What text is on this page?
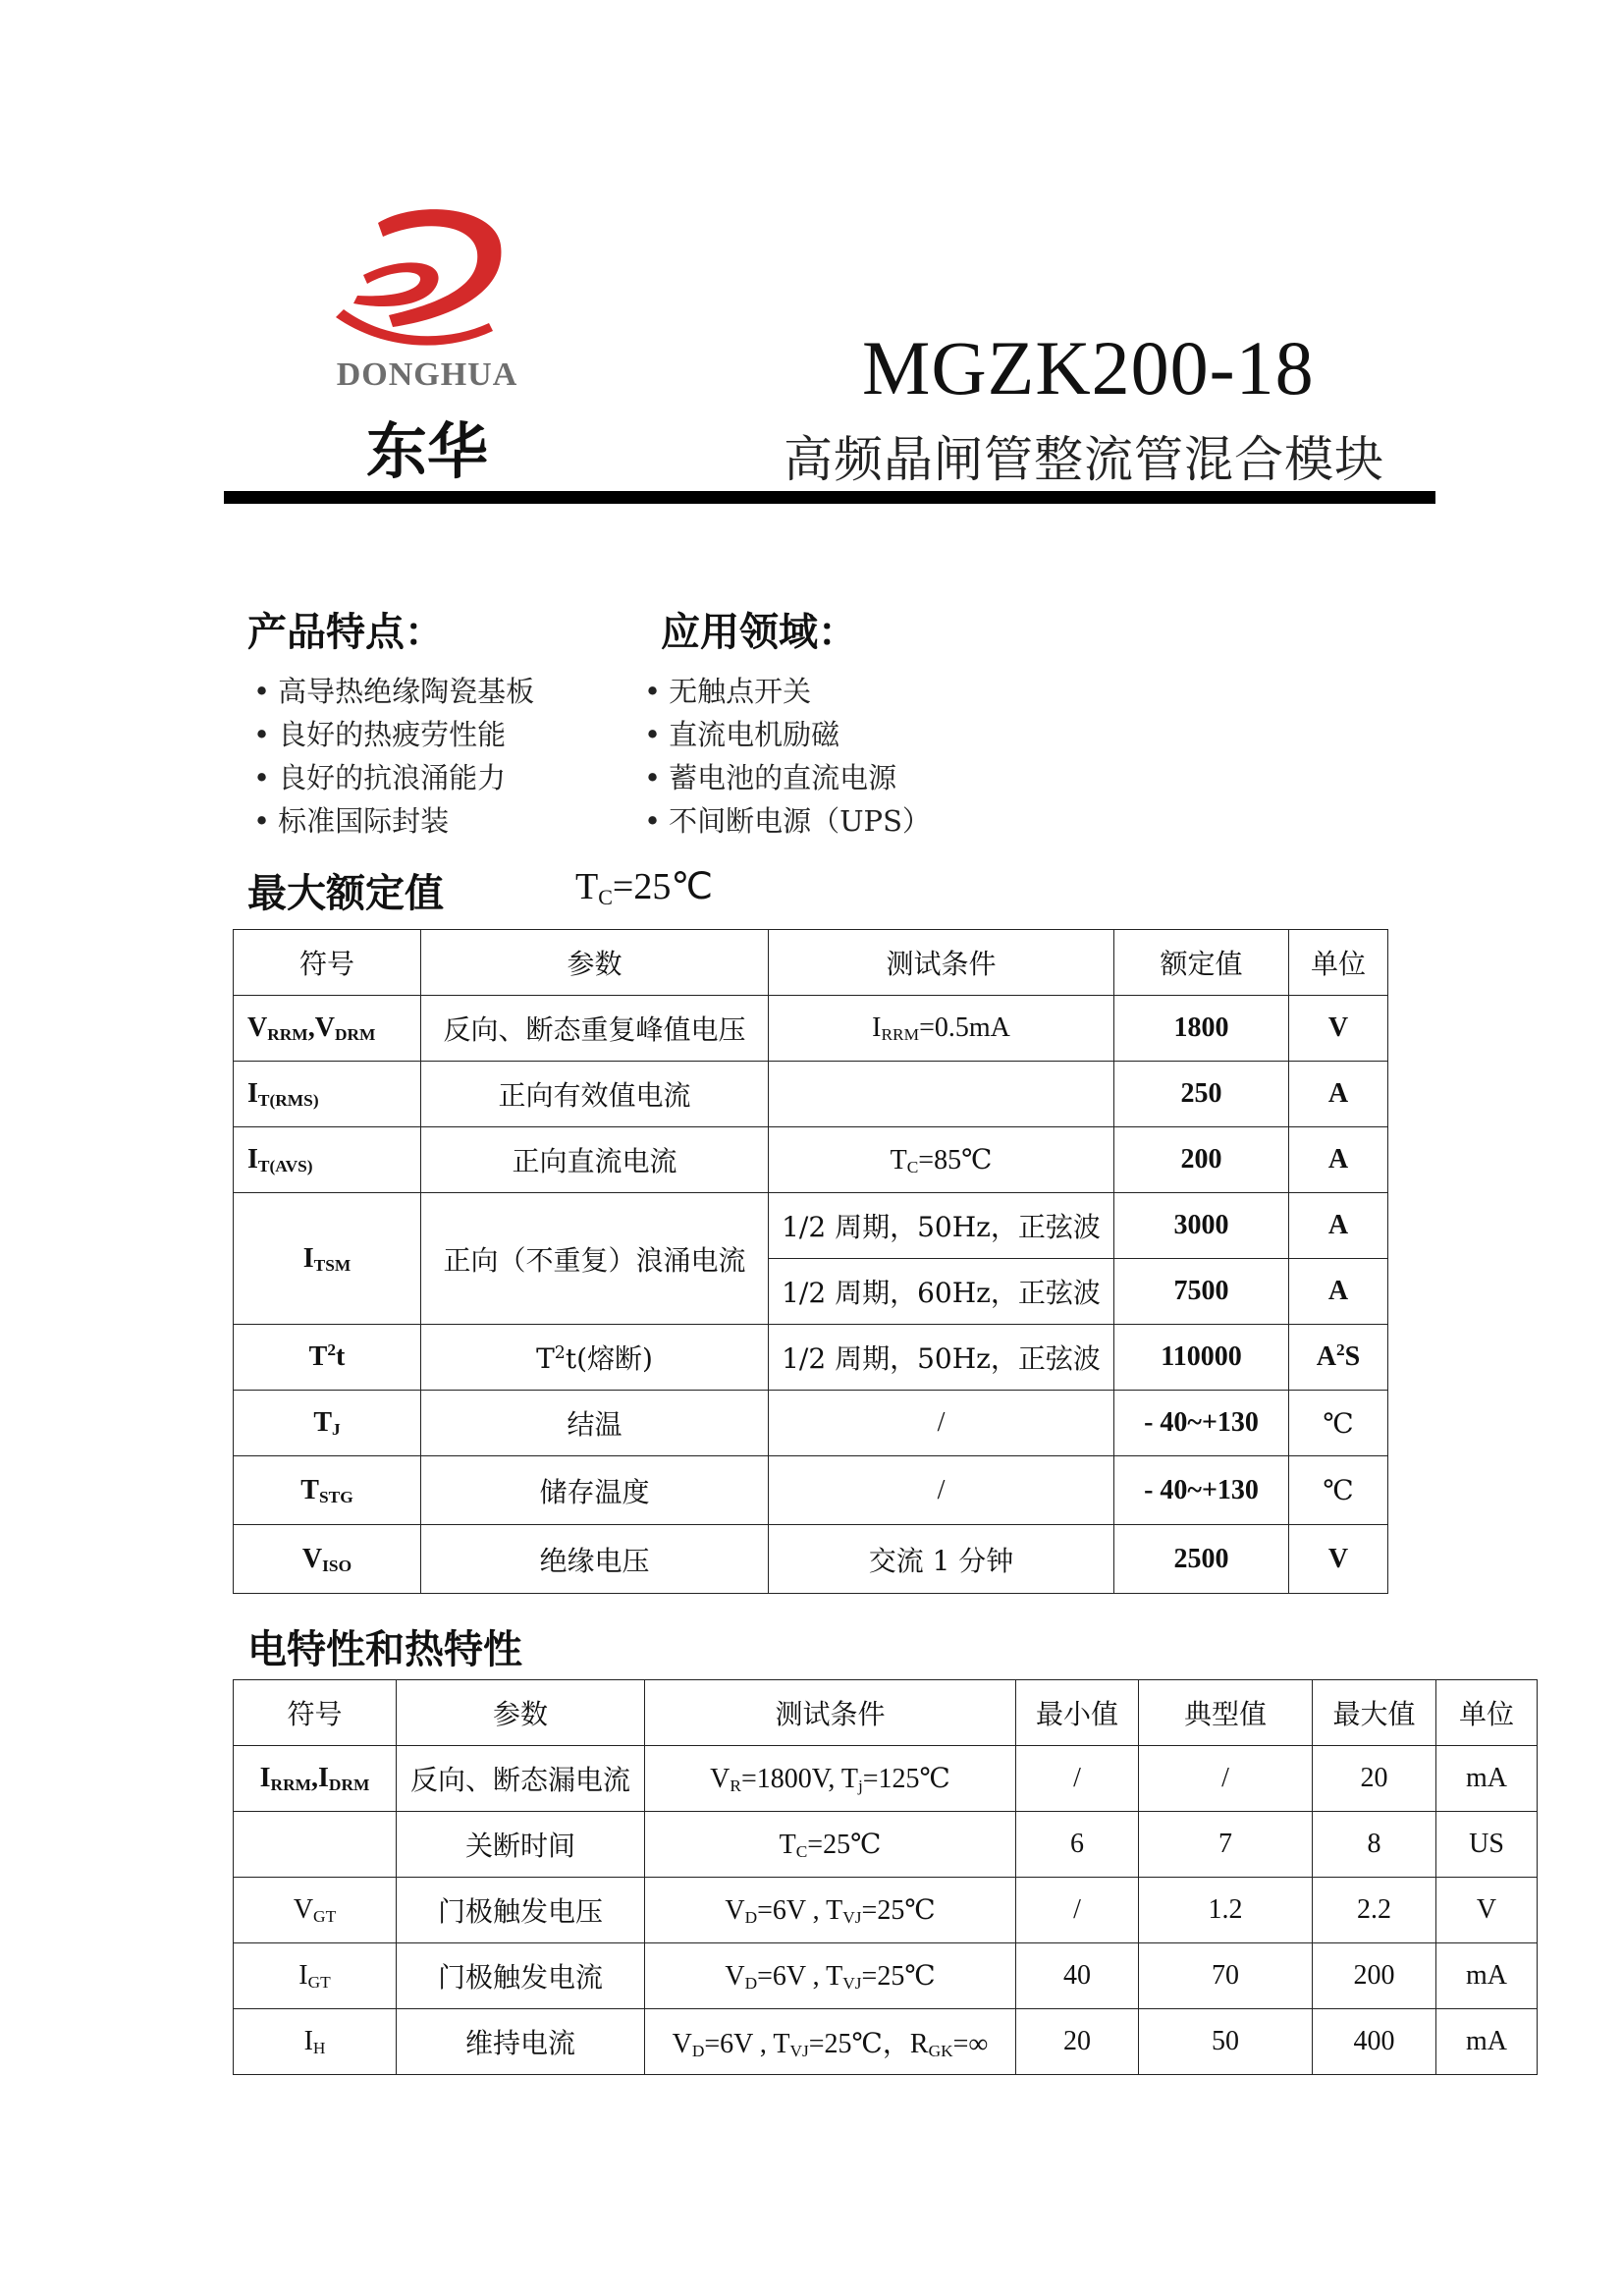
DONGHUA
东华
MGZK200-18
高频晶闸管整流管混合模块
产品特点：	应用领域：
• 高导热绝缘陶瓷基板
• 良好的热疲劳性能
• 良好的抗浪涌能力
• 标准国际封装
• 无触点开关
• 直流电机励磁
• 蓄电池的直流电源
• 不间断电源（UPS）
最大额定值	$T_C=25℃$
符号	参数	测试条件	额定值	单位
VRRM,VDRM	反向、断态重复峰值电压	IRRM=0.5mA	1800	V
IT(RMS)	正向有效值电流		250	A
IT(AVS)	正向直流电流	TC=85℃	200	A
ITSM	正向（不重复）浪涌电流	1/2 周期，50Hz，正弦波	3000	A
		1/2 周期，60Hz，正弦波	7500	A
$T^2t$	$T^2t$(熔断)	1/2 周期，50Hz，正弦波	110000	$A^2S$
TJ	结温	/	- 40~+130	℃
TSTG	储存温度	/	- 40~+130	℃
VISO	绝缘电压	交流 1 分钟	2500	V
电特性和热特性
符号	参数	测试条件	最小值	典型值	最大值	单位
IRRM,IDRM	反向、断态漏电流	VR=1800V, Tj=125℃	/	/	20	mA
	关断时间	TC=25℃	6	7	8	US
VGT	门极触发电压	VD=6V , TVJ=25℃	/	1.2	2.2	V
IGT	门极触发电流	VD=6V , TVJ=25℃	40	70	200	mA
IH	维持电流	VD=6V , TVJ=25℃，RGK=∞	20	50	400	mA
